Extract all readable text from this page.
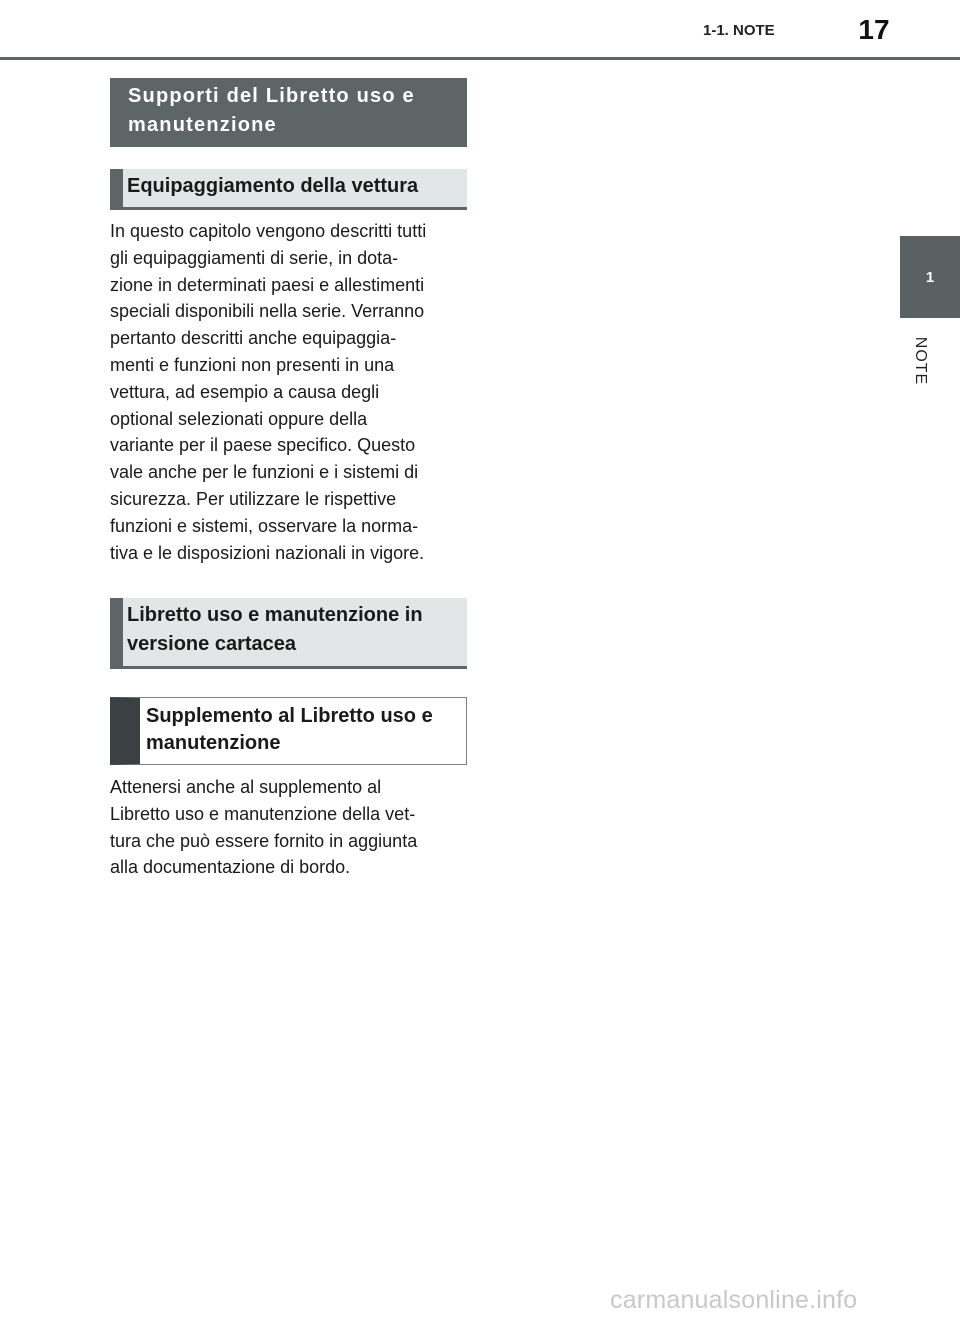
1-1. NOTE	17
1
NOTE
Supporti del Libretto uso e manutenzione
Equipaggiamento della vettura
In questo capitolo vengono descritti tutti
gli equipaggiamenti di serie, in dota-
zione in determinati paesi e allestimenti
speciali disponibili nella serie. Verranno
pertanto descritti anche equipaggia-
menti e funzioni non presenti in una
vettura, ad esempio a causa degli
optional selezionati oppure della
variante per il paese specifico. Questo
vale anche per le funzioni e i sistemi di
sicurezza. Per utilizzare le rispettive
funzioni e sistemi, osservare la norma-
tiva e le disposizioni nazionali in vigore.
Libretto uso e manutenzione in versione cartacea
Supplemento al Libretto uso e manutenzione
Attenersi anche al supplemento al
Libretto uso e manutenzione della vet-
tura che può essere fornito in aggiunta
alla documentazione di bordo.
carmanualsonline.info
